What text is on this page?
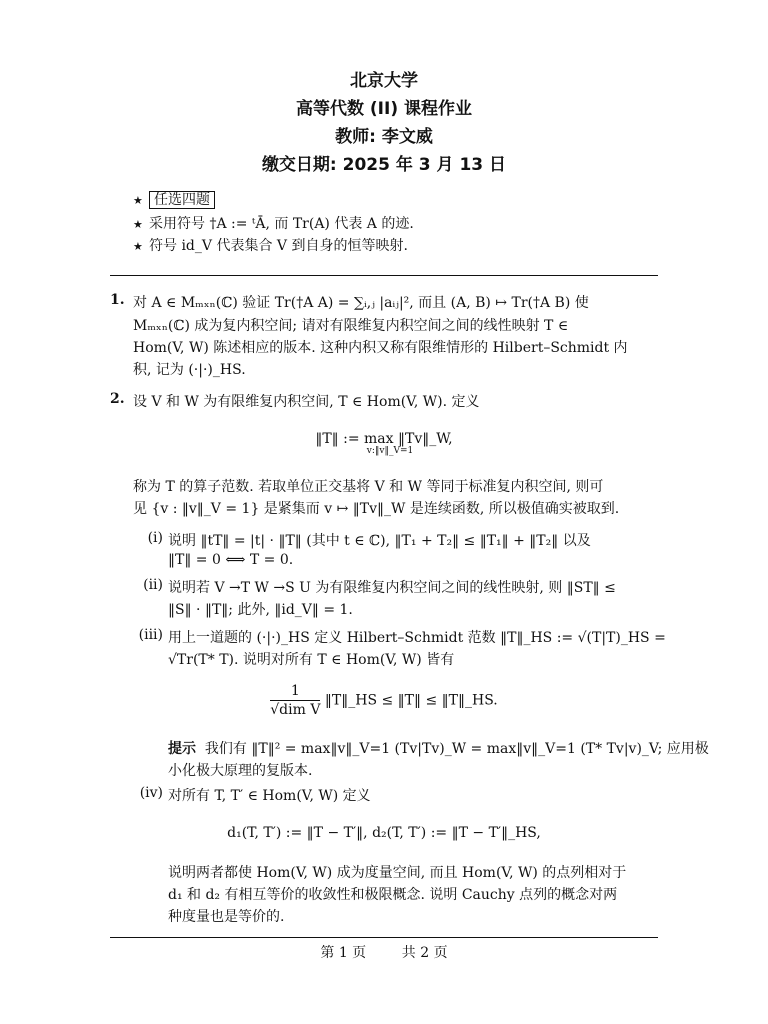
北京大学
高等代数 (II) 课程作业
教师: 李文威
缴交日期: 2025 年 3 月 13 日
★ 任选四题
★ 采用符号 †A := ᵗĀ, 而 Tr(A) 代表 A 的迹.
★ 符号 id_V 代表集合 V 到自身的恒等映射.
1. 对 A ∈ Mₘₓₙ(ℂ) 验证 Tr(†A A) = ∑ᵢ,ⱼ |aᵢⱼ|², 而且 (A, B) ↦ Tr(†A B) 使
Mₘₓₙ(ℂ) 成为复内积空间; 请对有限维复内积空间之间的线性映射 T ∈
Hom(V, W) 陈述相应的版本. 这种内积又称有限维情形的 Hilbert–Schmidt 内
积, 记为 (·|·)_HS.
2. 设 V 和 W 为有限维复内积空间, T ∈ Hom(V, W). 定义
‖T‖ := max ‖Tv‖_W,
v:‖v‖_V=1
称为 T 的算子范数. 若取单位正交基将 V 和 W 等同于标准复内积空间, 则可
见 {v : ‖v‖_V = 1} 是紧集而 v ↦ ‖Tv‖_W 是连续函数, 所以极值确实被取到.
(i) 说明 ‖tT‖ = |t| · ‖T‖ (其中 t ∈ ℂ), ‖T₁ + T₂‖ ≤ ‖T₁‖ + ‖T₂‖ 以及
‖T‖ = 0 ⟺ T = 0.
(ii) 说明若 V →T W →S U 为有限维复内积空间之间的线性映射, 则 ‖ST‖ ≤
‖S‖ · ‖T‖; 此外, ‖id_V‖ = 1.
(iii) 用上一道题的 (·|·)_HS 定义 Hilbert–Schmidt 范数 ‖T‖_HS := √(T|T)_HS =
√Tr(T* T). 说明对所有 T ∈ Hom(V, W) 皆有
$\frac{1}{\text{√dim V}}$ ‖T‖_HS ≤ ‖T‖ ≤ ‖T‖_HS.
提示 我们有 ‖T‖² = max‖v‖_V=1 (Tv|Tv)_W = max‖v‖_V=1 (T* Tv|v)_V; 应用极
小化极大原理的复版本.
(iv) 对所有 T, T′ ∈ Hom(V, W) 定义
d₁(T, T′) := ‖T − T′‖, d₂(T, T′) := ‖T − T′‖_HS,
说明两者都使 Hom(V, W) 成为度量空间, 而且 Hom(V, W) 的点列相对于
d₁ 和 d₂ 有相互等价的收敛性和极限概念. 说明 Cauchy 点列的概念对两
种度量也是等价的.
第 1 页	共 2 页
